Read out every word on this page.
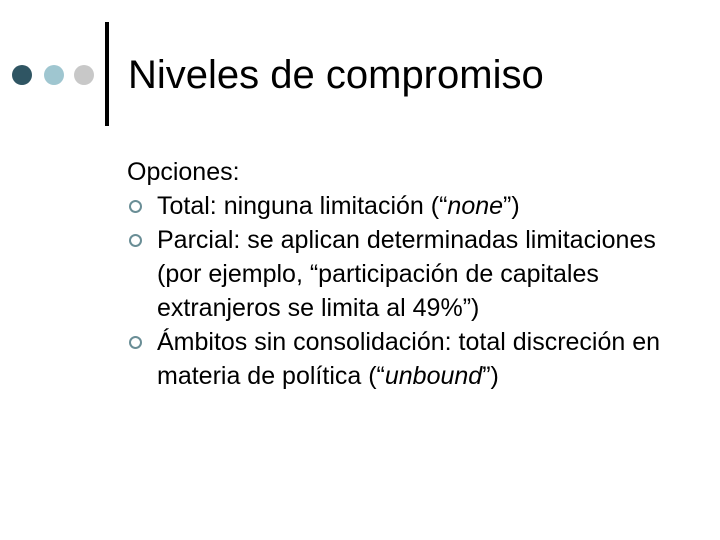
Niveles de compromiso

Opciones:

Total: ninguna limitación (“none”)
Parcial: se aplican determinadas limitaciones (por ejemplo, “participación de capitales extranjeros se limita al 49%”)
Ámbitos sin consolidación: total discreción en materia de política (“unbound”)
